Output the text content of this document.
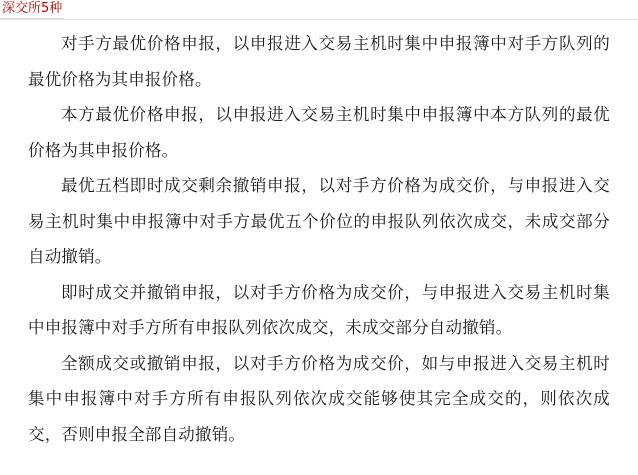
深交所5种

对手方最优价格申报，以申报进入交易主机时集中申报簿中对手方队列的最优价格为其申报价格。

本方最优价格申报，以申报进入交易主机时集中申报簿中本方队列的最优价格为其申报价格。

最优五档即时成交剩余撤销申报，以对手方价格为成交价，与申报进入交易主机时集中申报簿中对手方最优五个价位的申报队列依次成交，未成交部分自动撤销。

即时成交并撤销申报，以对手方价格为成交价，与申报进入交易主机时集中申报簿中对手方所有申报队列依次成交，未成交部分自动撤销。

全额成交或撤销申报，以对手方价格为成交价，如与申报进入交易主机时集中申报簿中对手方所有申报队列依次成交能够使其完全成交的，则依次成交，否则申报全部自动撤销。
